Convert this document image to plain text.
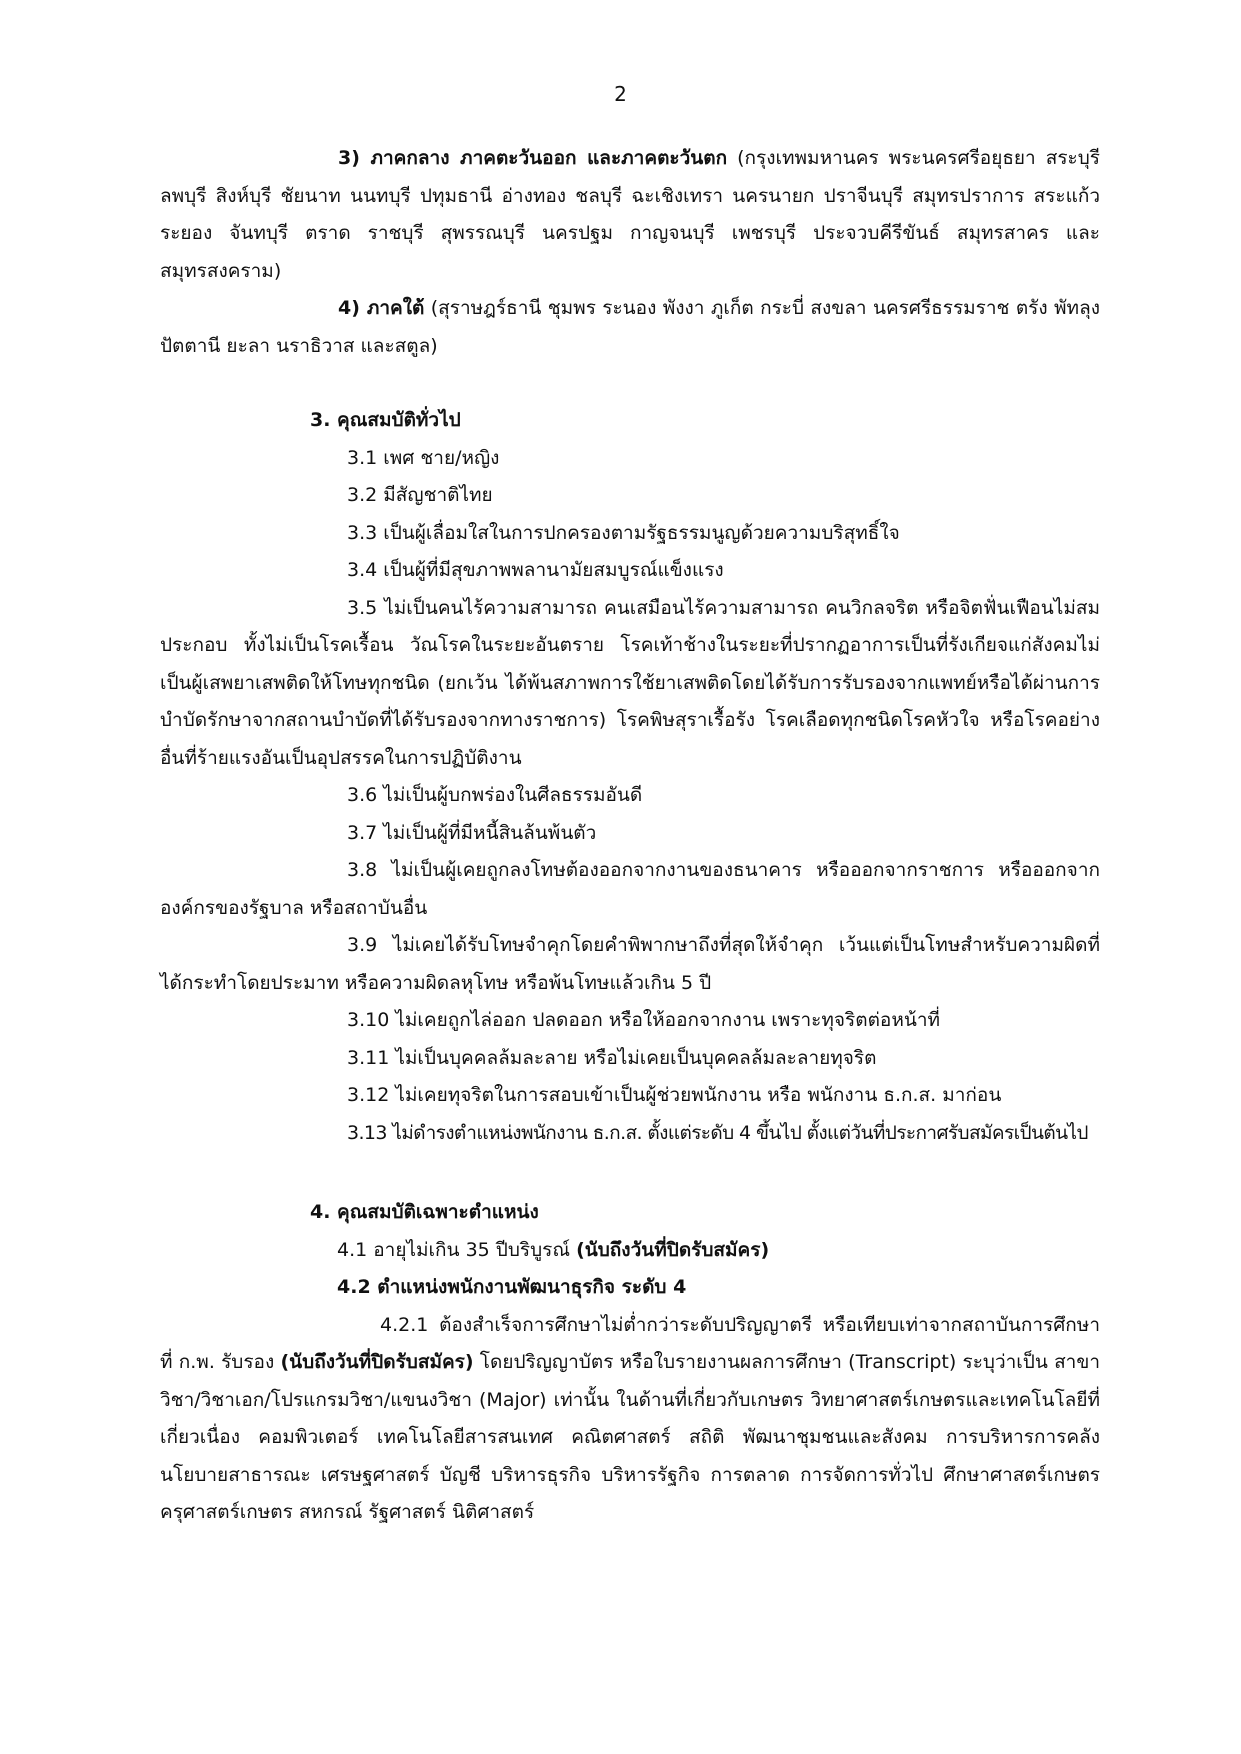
2

3) ภาคกลาง ภาคตะวันออก และภาคตะวันตก (กรุงเทพมหานคร พระนครศรีอยุธยา สระบุรี ลพบุรี สิงห์บุรี ชัยนาท นนทบุรี ปทุมธานี อ่างทอง ชลบุรี ฉะเชิงเทรา นครนายก ปราจีนบุรี สมุทรปราการ สระแก้ว ระยอง จันทบุรี ตราด ราชบุรี สุพรรณบุรี นครปฐม กาญจนบุรี เพชรบุรี ประจวบคีรีขันธ์ สมุทรสาคร และสมุทรสงคราม)

4) ภาคใต้ (สุราษฎร์ธานี ชุมพร ระนอง พังงา ภูเก็ต กระบี่ สงขลา นครศรีธรรมราช ตรัง พัทลุง ปัตตานี ยะลา นราธิวาส และสตูล)

3. คุณสมบัติทั่วไป

3.1 เพศ ชาย/หญิง

3.2 มีสัญชาติไทย

3.3 เป็นผู้เลื่อมใสในการปกครองตามรัฐธรรมนูญด้วยความบริสุทธิ์ใจ

3.4 เป็นผู้ที่มีสุขภาพพลานามัยสมบูรณ์แข็งแรง

3.5 ไม่เป็นคนไร้ความสามารถ คนเสมือนไร้ความสามารถ คนวิกลจริต หรือจิตฟั่นเฟือนไม่สมประกอบ ทั้งไม่เป็นโรคเรื้อน วัณโรคในระยะอันตราย โรคเท้าช้างในระยะที่ปรากฏอาการเป็นที่รังเกียจแก่สังคมไม่เป็นผู้เสพยาเสพติดให้โทษทุกชนิด (ยกเว้น ได้พ้นสภาพการใช้ยาเสพติดโดยได้รับการรับรองจากแพทย์หรือได้ผ่านการบำบัดรักษาจากสถานบำบัดที่ได้รับรองจากทางราชการ) โรคพิษสุราเรื้อรัง โรคเลือดทุกชนิดโรคหัวใจ หรือโรคอย่างอื่นที่ร้ายแรงอันเป็นอุปสรรคในการปฏิบัติงาน

3.6 ไม่เป็นผู้บกพร่องในศีลธรรมอันดี

3.7 ไม่เป็นผู้ที่มีหนี้สินล้นพ้นตัว

3.8 ไม่เป็นผู้เคยถูกลงโทษต้องออกจากงานของธนาคาร หรือออกจากราชการ หรือออกจากองค์กรของรัฐบาล หรือสถาบันอื่น

3.9 ไม่เคยได้รับโทษจำคุกโดยคำพิพากษาถึงที่สุดให้จำคุก เว้นแต่เป็นโทษสำหรับความผิดที่ได้กระทำโดยประมาท หรือความผิดลหุโทษ หรือพ้นโทษแล้วเกิน 5 ปี

3.10 ไม่เคยถูกไล่ออก ปลดออก หรือให้ออกจากงาน เพราะทุจริตต่อหน้าที่

3.11 ไม่เป็นบุคคลล้มละลาย หรือไม่เคยเป็นบุคคลล้มละลายทุจริต

3.12 ไม่เคยทุจริตในการสอบเข้าเป็นผู้ช่วยพนักงาน หรือ พนักงาน ธ.ก.ส. มาก่อน

3.13 ไม่ดำรงตำแหน่งพนักงาน ธ.ก.ส. ตั้งแต่ระดับ 4 ขึ้นไป ตั้งแต่วันที่ประกาศรับสมัครเป็นต้นไป

4. คุณสมบัติเฉพาะตำแหน่ง

4.1 อายุไม่เกิน 35 ปีบริบูรณ์ (นับถึงวันที่ปิดรับสมัคร)

4.2 ตำแหน่งพนักงานพัฒนาธุรกิจ ระดับ 4

4.2.1 ต้องสำเร็จการศึกษาไม่ต่ำกว่าระดับปริญญาตรี หรือเทียบเท่าจากสถาบันการศึกษาที่ ก.พ. รับรอง (นับถึงวันที่ปิดรับสมัคร) โดยปริญญาบัตร หรือใบรายงานผลการศึกษา (Transcript) ระบุว่าเป็น สาขาวิชา/วิชาเอก/โปรแกรมวิชา/แขนงวิชา (Major) เท่านั้น ในด้านที่เกี่ยวกับเกษตร วิทยาศาสตร์เกษตรและเทคโนโลยีที่เกี่ยวเนื่อง คอมพิวเตอร์ เทคโนโลยีสารสนเทศ คณิตศาสตร์ สถิติ พัฒนาชุมชนและสังคม การบริหารการคลัง นโยบายสาธารณะ เศรษฐศาสตร์ บัญชี บริหารธุรกิจ บริหารรัฐกิจ การตลาด การจัดการทั่วไป ศึกษาศาสตร์เกษตร ครุศาสตร์เกษตร สหกรณ์ รัฐศาสตร์ นิติศาสตร์
